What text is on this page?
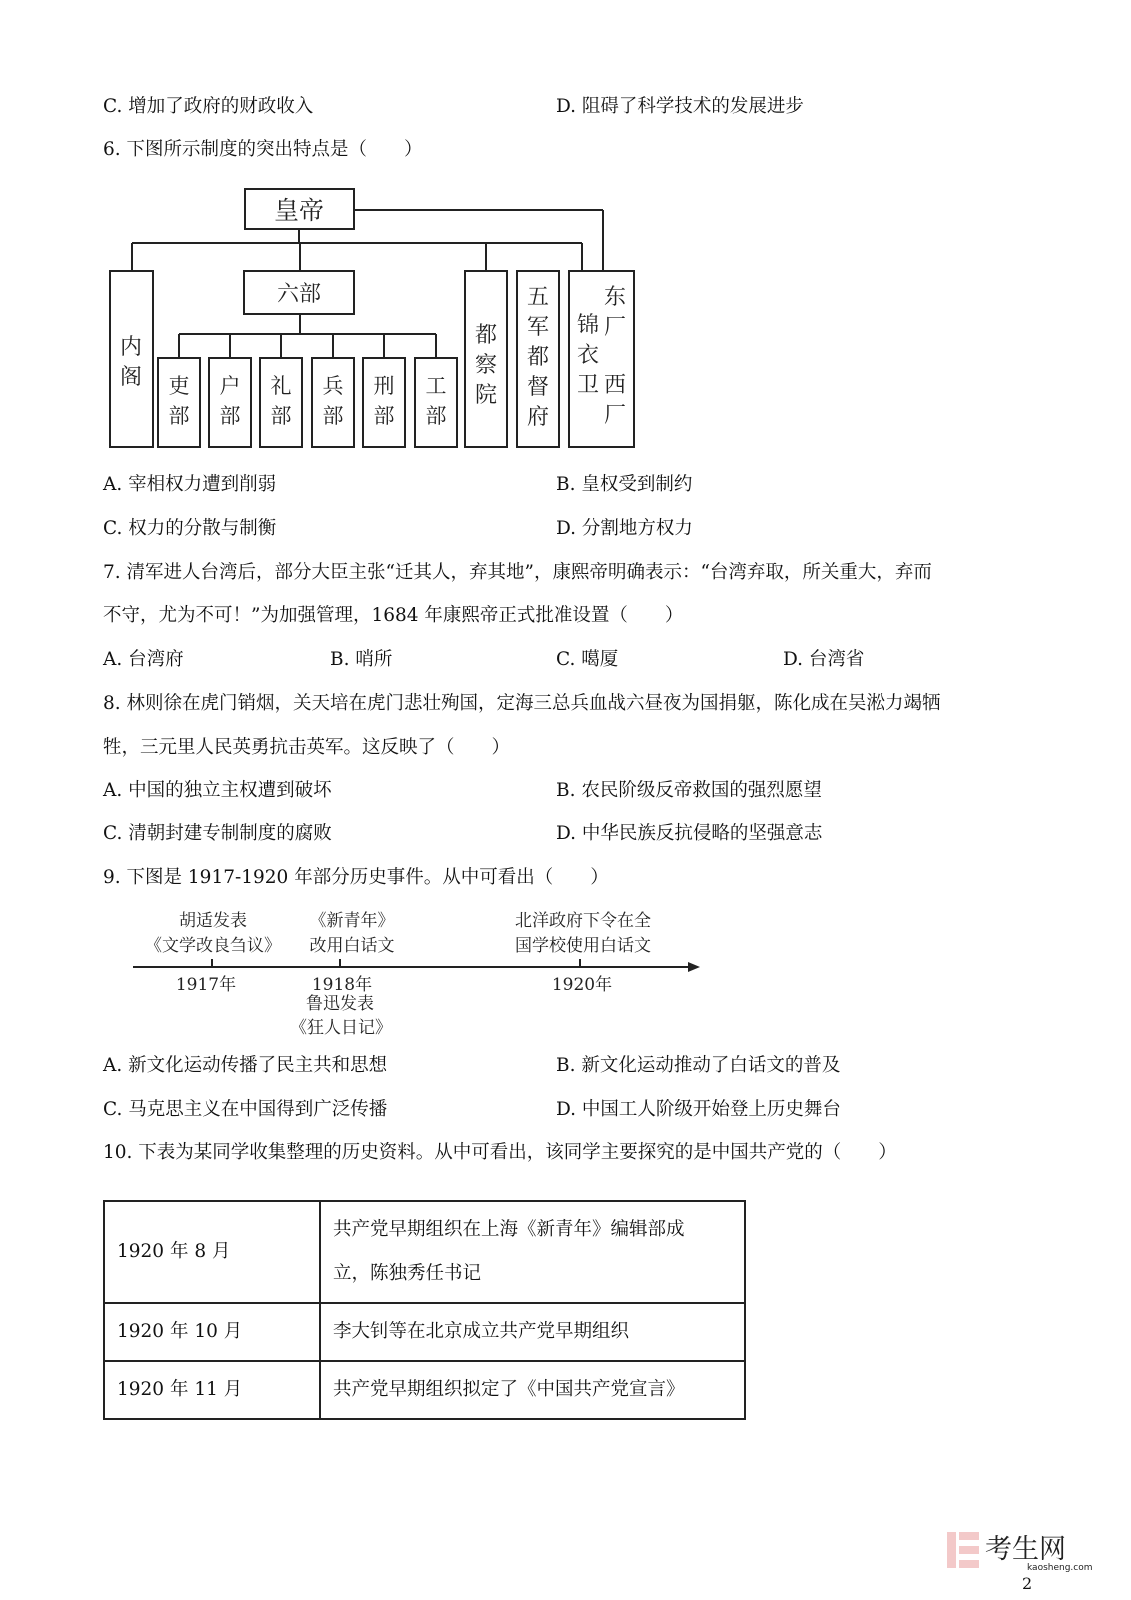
C. 增加了政府的财政收入	D. 阻碍了科学技术的发展进步
6. 下图所示制度的突出特点是（　　）
皇帝
六部
内
阁 吏
部
户
部
礼
部
兵
部
刑
部
工
部
都
察
院
五
军
都
督
府
锦
衣
卫
东
厂
西
厂
A. 宰相权力遭到削弱	B. 皇权受到制约
C. 权力的分散与制衡	D. 分割地方权力
7. 清军进人台湾后，部分大臣主张“迁其人，弃其地”，康熙帝明确表示：“台湾弃取，所关重大，弃而
不守，尤为不可！”为加强管理，1684 年康熙帝正式批准设置（　　）
A. 台湾府	B. 哨所	C. 噶厦	D. 台湾省
8. 林则徐在虎门销烟，关天培在虎门悲壮殉国，定海三总兵血战六昼夜为国捐躯，陈化成在吴淞力竭牺
牲，三元里人民英勇抗击英军。这反映了（　　）
A. 中国的独立主权遭到破坏	B. 农民阶级反帝救国的强烈愿望
C. 清朝封建专制制度的腐败	D. 中华民族反抗侵略的坚强意志
9. 下图是 1917-1920 年部分历史事件。从中可看出（　　）
胡适发表
《文学改良刍议》
《新青年》
改用白话文
北洋政府下令在全
国学校使用白话文
1917年	1918年	1920年
鲁迅发表
《狂人日记》
A. 新文化运动传播了民主共和思想	B. 新文化运动推动了白话文的普及
C. 马克思主义在中国得到广泛传播	D. 中国工人阶级开始登上历史舞台
10. 下表为某同学收集整理的历史资料。从中可看出，该同学主要探究的是中国共产党的（　　）
1920 年 8 月	共产党早期组织在上海《新青年》编辑部成
立，陈独秀任书记

1920 年 10 月	李大钊等在北京成立共产党早期组织
1920 年 11 月	共产党早期组织拟定了《中国共产党宣言》
考生网
kaosheng.com
2
